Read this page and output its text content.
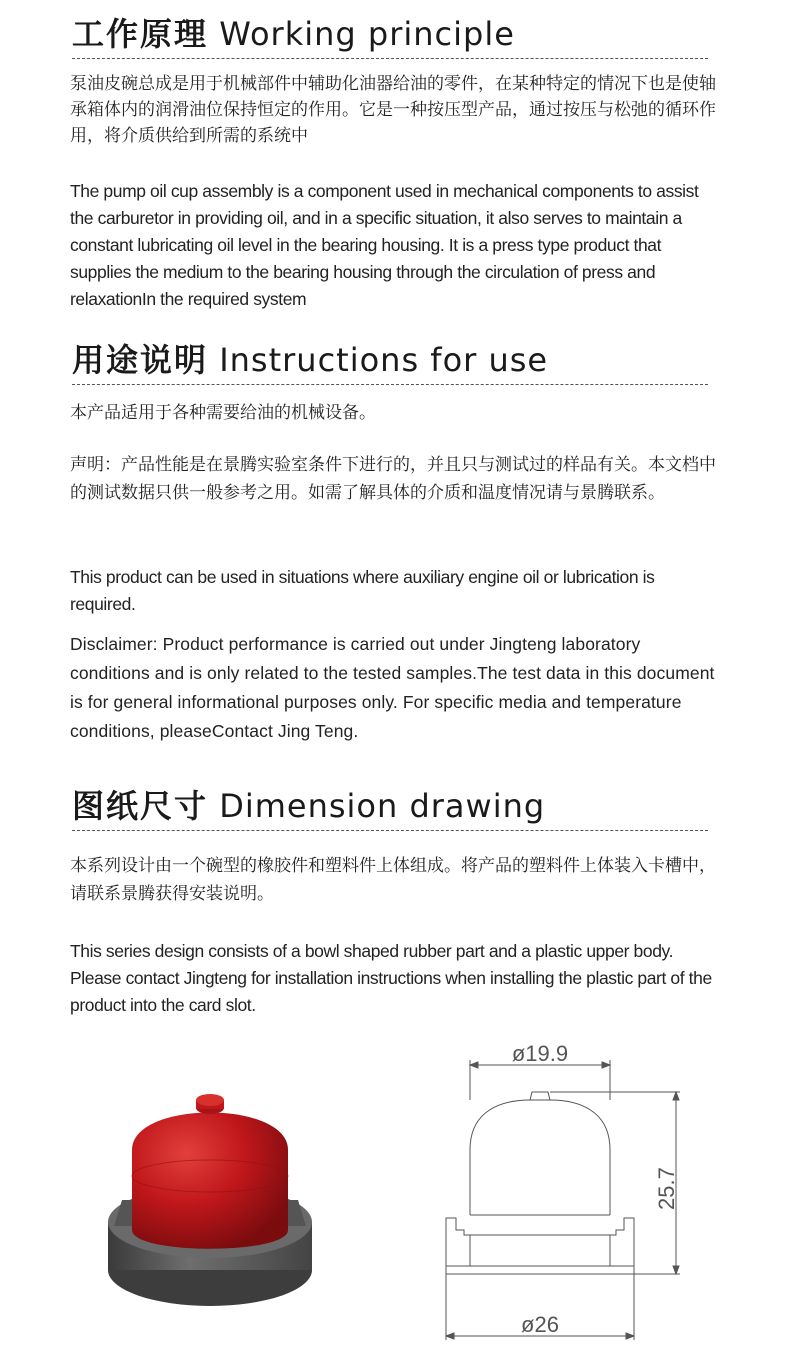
工作原理 Working principle
泵油皮碗总成是用于机械部件中辅助化油器给油的零件，在某种特定的情况下也是使轴承箱体内的润滑油位保持恒定的作用。它是一种按压型产品，通过按压与松弛的循环作用，将介质供给到所需的系统中
The pump oil cup assembly is a component used in mechanical components to assist the carburetor in providing oil, and in a specific situation, it also serves to maintain a constant lubricating oil level in the bearing housing. It is a press type product that supplies the medium to the bearing housing through the circulation of press and relaxationIn the required system
用途说明 Instructions for use
本产品适用于各种需要给油的机械设备。
声明：产品性能是在景腾实验室条件下进行的，并且只与测试过的样品有关。本文档中的测试数据只供一般参考之用。如需了解具体的介质和温度情况请与景腾联系。
This product can be used in situations where auxiliary engine oil or lubrication is required.
Disclaimer: Product performance is carried out under Jingteng laboratory conditions and is only related to the tested samples.The test data in this document is for general informational purposes only. For specific media and temperature conditions, pleaseContact Jing Teng.
图纸尺寸 Dimension drawing
本系列设计由一个碗型的橡胶件和塑料件上体组成。将产品的塑料件上体装入卡槽中，请联系景腾获得安装说明。
This series design consists of a bowl shaped rubber part and a plastic upper body. Please contact Jingteng for installation instructions when installing the plastic part of the product into the card slot.
ø19.9
25.7
ø26
